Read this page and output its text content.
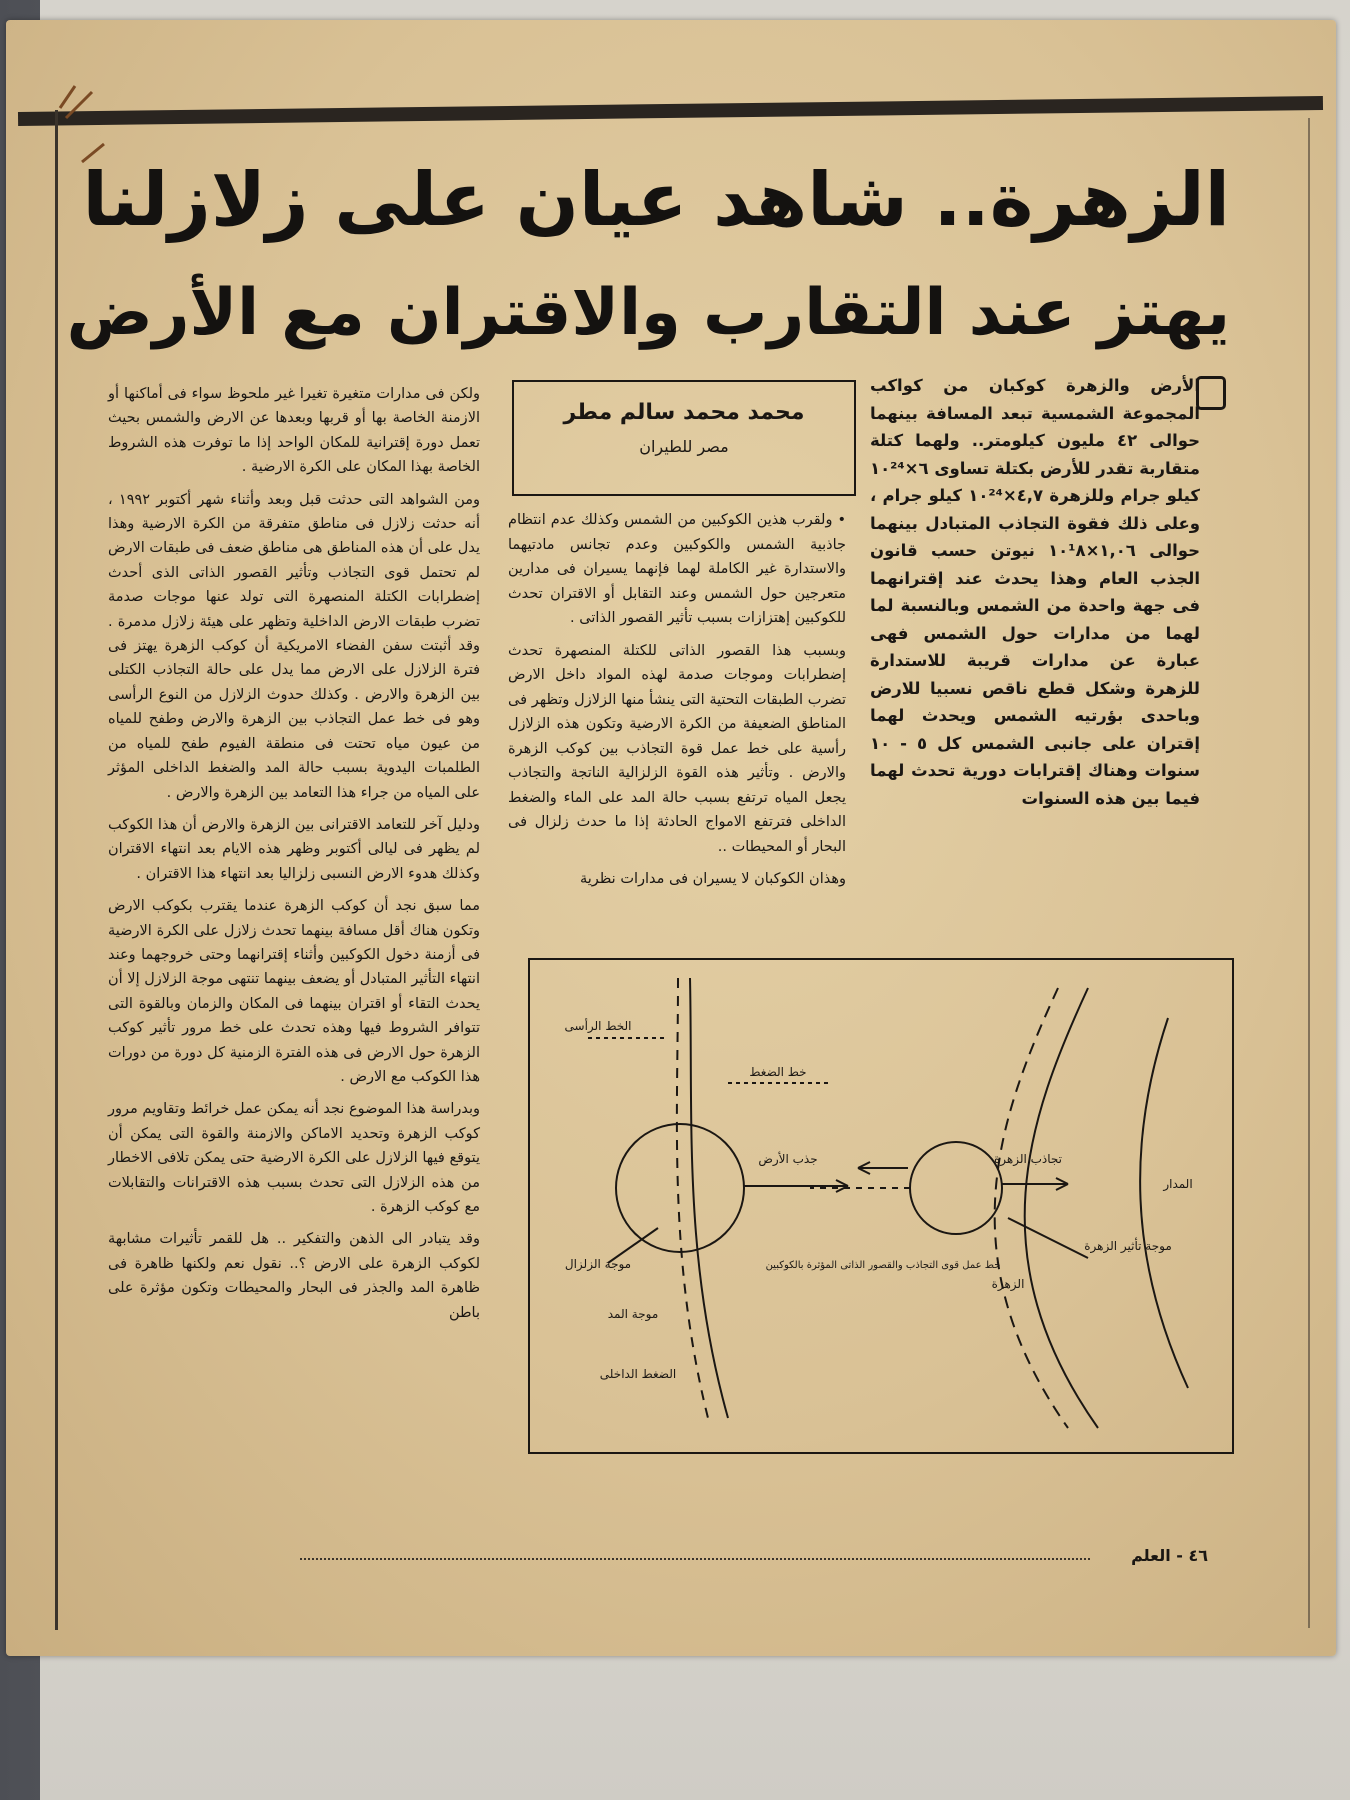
الزهرة.. شاهد عيان على زلازلنا
يهتز عند التقارب والاقتران مع الأرض

الأرض والزهرة كوكبان من كواكب المجموعة الشمسية تبعد المسافة بينهما حوالى ٤٢ مليون كيلومتر.. ولهما كتلة متقاربة تقدر للأرض بكتلة تساوى ٦×١٠²⁴ كيلو جرام وللزهرة ٤,٧×١٠²⁴ كيلو جرام ، وعلى ذلك فقوة التجاذب المتبادل بينهما حوالى ١,٠٦×١٠¹٨ نيوتن حسب قانون الجذب العام وهذا يحدث عند إقترانهما فى جهة واحدة من الشمس وبالنسبة لما لهما من مدارات حول الشمس فهى عبارة عن مدارات قريبة للاستدارة للزهرة وشكل قطع ناقص نسبيا للارض وباحدى بؤرتيه الشمس ويحدث لهما إقتران على جانبى الشمس كل ٥ - ١٠ سنوات وهناك إقترابات دورية تحدث لهما فيما بين هذه السنوات

محمد محمد سالم مطر
مصر للطيران

• ولقرب هذين الكوكبين من الشمس وكذلك عدم انتظام جاذبية الشمس والكوكبين وعدم تجانس مادتيهما والاستدارة غير الكاملة لهما فإنهما يسيران فى مدارين متعرجين حول الشمس وعند التقابل أو الاقتران تحدث للكوكبين إهتزازات بسبب تأثير القصور الذاتى .

وبسبب هذا القصور الذاتى للكتلة المنصهرة تحدث إضطرابات وموجات صدمة لهذه المواد داخل الارض تضرب الطبقات التحتية التى ينشأ منها الزلازل وتظهر فى المناطق الضعيفة من الكرة الارضية وتكون هذه الزلازل رأسية على خط عمل قوة التجاذب بين كوكب الزهرة والارض . وتأثير هذه القوة الزلزالية الناتجة والتجاذب يجعل المياه ترتفع بسبب حالة المد على الماء والضغط الداخلى فترتفع الامواج الحادثة إذا ما حدث زلزال فى البحار أو المحيطات ..

وهذان الكوكبان لا يسيران فى مدارات نظرية

ولكن فى مدارات متغيرة تغيرا غير ملحوظ سواء فى أماكنها أو الازمنة الخاصة بها أو قربها وبعدها عن الارض والشمس بحيث تعمل دورة إقترانية للمكان الواحد إذا ما توفرت هذه الشروط الخاصة بهذا المكان على الكرة الارضية .

ومن الشواهد التى حدثت قبل وبعد وأثناء شهر أكتوبر ١٩٩٢ ، أنه حدثت زلازل فى مناطق متفرقة من الكرة الارضية وهذا يدل على أن هذه المناطق هى مناطق ضعف فى طبقات الارض لم تحتمل قوى التجاذب وتأثير القصور الذاتى الذى أحدث إضطرابات الكتلة المنصهرة التى تولد عنها موجات صدمة تضرب طبقات الارض الداخلية وتظهر على هيئة زلازل مدمرة . وقد أثبتت سفن الفضاء الامريكية أن كوكب الزهرة يهتز فى فترة الزلازل على الارض مما يدل على حالة التجاذب الكتلى بين الزهرة والارض . وكذلك حدوث الزلازل من النوع الرأسى وهو فى خط عمل التجاذب بين الزهرة والارض وطفح للمياه من عيون مياه تحتت فى منطقة الفيوم طفح للمياه من الطلمبات اليدوية بسبب حالة المد والضغط الداخلى المؤثر على المياه من جراء هذا التعامد بين الزهرة والارض .

ودليل آخر للتعامد الاقترانى بين الزهرة والارض أن هذا الكوكب لم يظهر فى ليالى أكتوبر وظهر هذه الايام بعد انتهاء الاقتران وكذلك هدوء الارض النسبى زلزاليا بعد انتهاء هذا الاقتران .

مما سبق نجد أن كوكب الزهرة عندما يقترب بكوكب الارض وتكون هناك أقل مسافة بينهما تحدث زلازل على الكرة الارضية فى أزمنة دخول الكوكبين وأثناء إقترانهما وحتى خروجهما وعند انتهاء التأثير المتبادل أو يضعف بينهما تنتهى موجة الزلازل إلا أن يحدث التقاء أو اقتران بينهما فى المكان والزمان وبالقوة التى تتوافر الشروط فيها وهذه تحدث على خط مرور تأثير كوكب الزهرة حول الارض فى هذه الفترة الزمنية كل دورة من دورات هذا الكوكب مع الارض .

وبدراسة هذا الموضوع نجد أنه يمكن عمل خرائط وتقاويم مرور كوكب الزهرة وتحديد الاماكن والازمنة والقوة التى يمكن أن يتوقع فيها الزلازل على الكرة الارضية حتى يمكن تلافى الاخطار من هذه الزلازل التى تحدث بسبب هذه الاقترانات والتقابلات مع كوكب الزهرة .

وقد يتبادر الى الذهن والتفكير .. هل للقمر تأثيرات مشابهة لكوكب الزهرة على الارض ؟.. نقول نعم ولكنها ظاهرة فى ظاهرة المد والجذر فى البحار والمحيطات وتكون مؤثرة على باطن

الخط الرأسى
خط الضغط
موجة الزلزال
موجة المد
الضغط الداخلى
جذب الأرض	تجاذب الزهرة
خط عمل قوى التجاذب والقصور الذاتى المؤثرة بالكوكبين
موجة تأثير الزهرة
الزهرة
المدار
٤٦ - العلم
